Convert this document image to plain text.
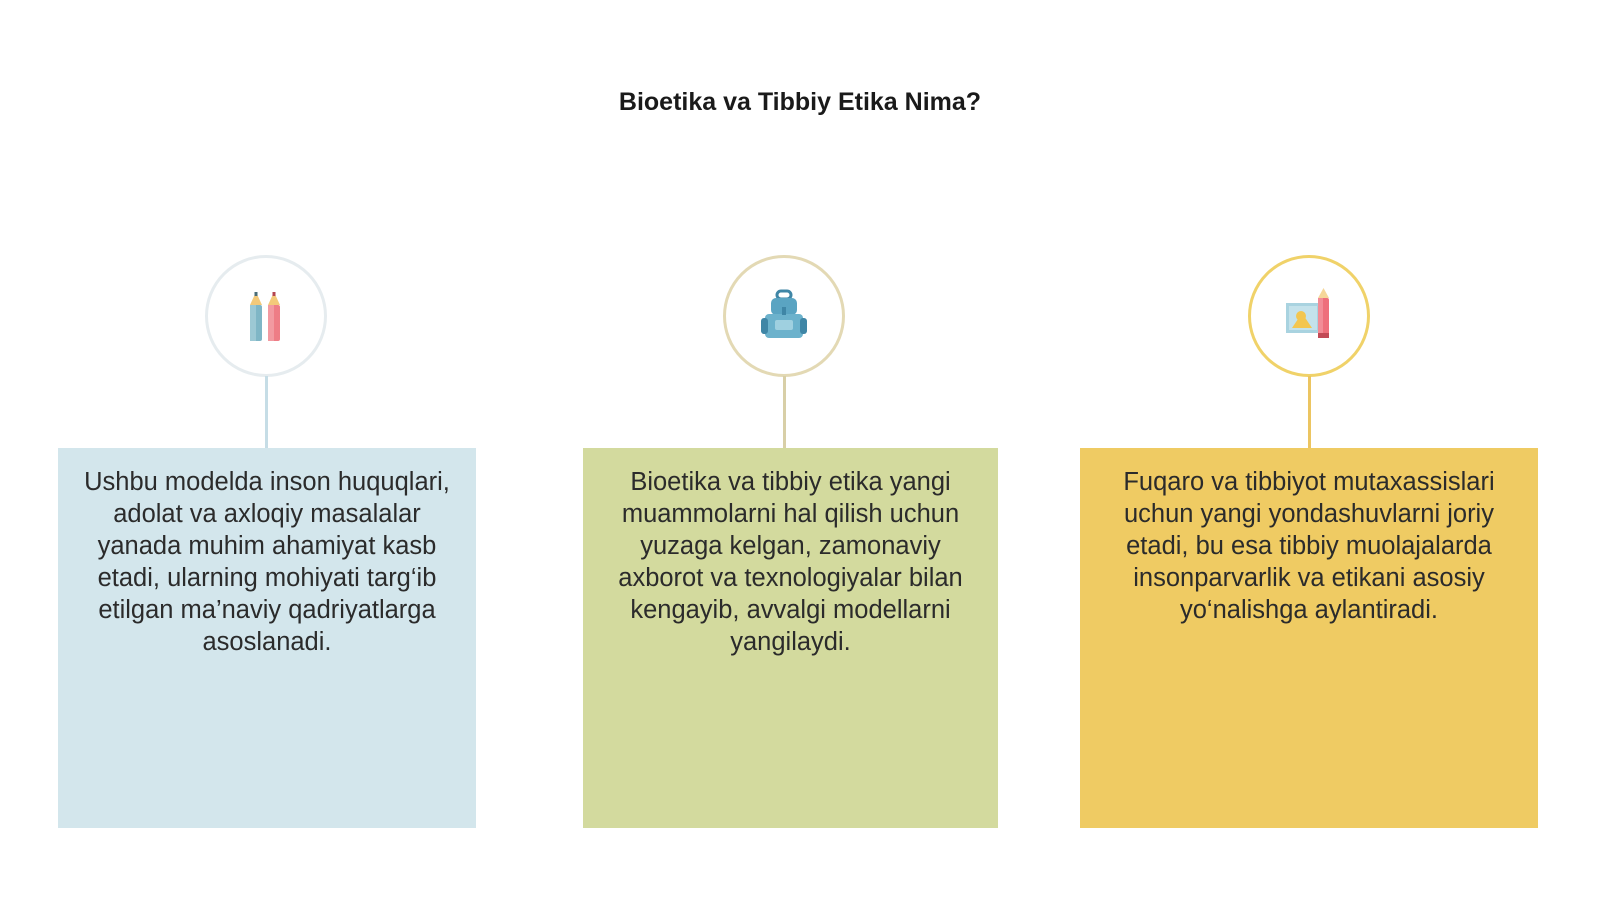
Bioetika va Tibbiy Etika Nima?
Ushbu modelda inson huquqlari, adolat va axloqiy masalalar yanada muhim ahamiyat kasb etadi, ularning mohiyati targ‘ib etilgan ma’naviy qadriyatlarga asoslanadi.
Bioetika va tibbiy etika yangi muammolarni hal qilish uchun yuzaga kelgan, zamonaviy axborot va texnologiyalar bilan kengayib, avvalgi modellarni yangilaydi.
Fuqaro va tibbiyot mutaxassislari uchun yangi yondashuvlarni joriy etadi, bu esa tibbiy muolajalarda insonparvarlik va etikani asosiy yo‘nalishga aylantiradi.
